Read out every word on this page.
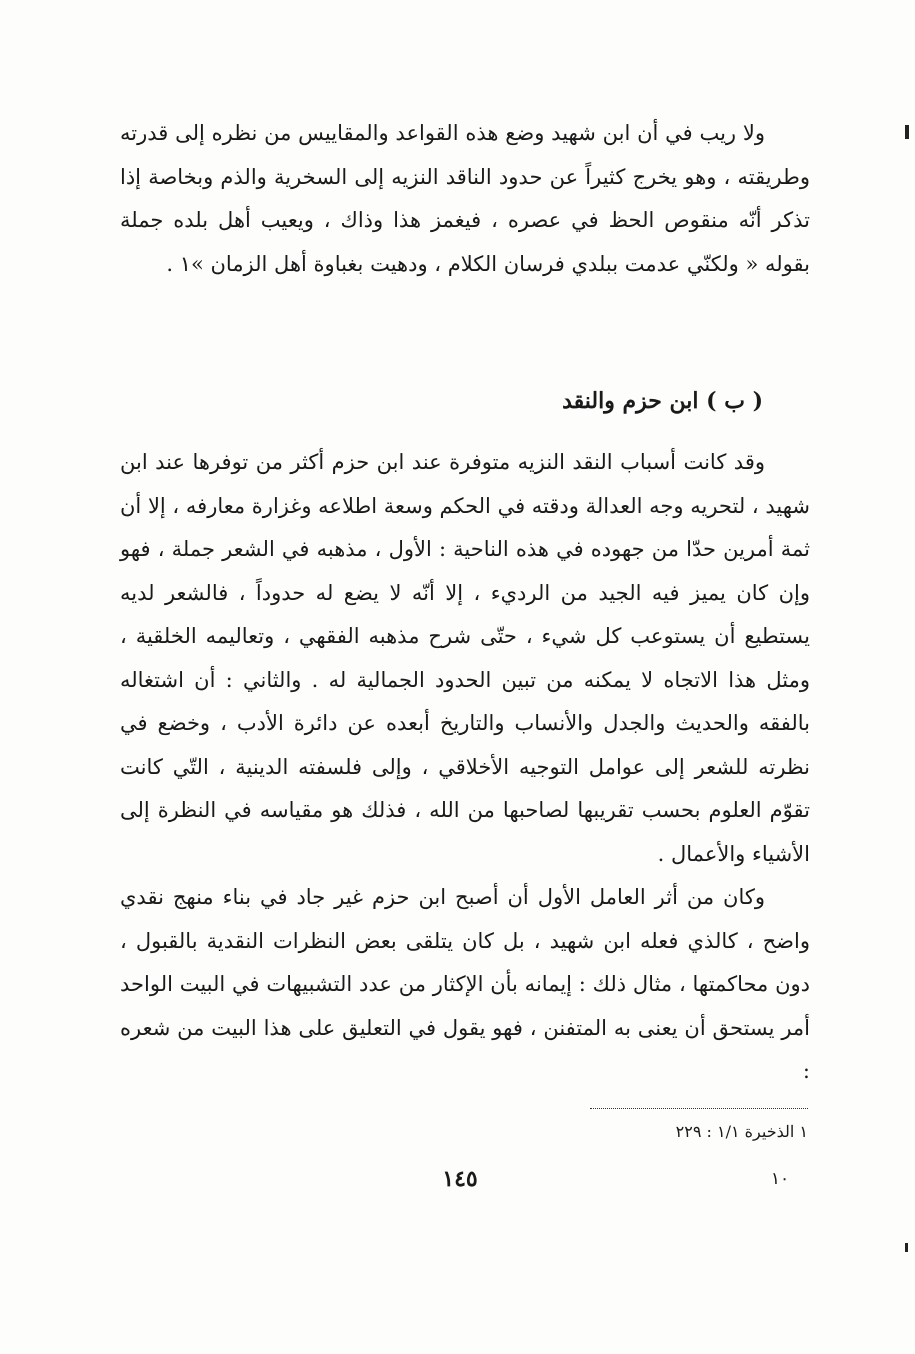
ولا ريب في أن ابن شهيد وضع هذه القواعد والمقاييس من نظره إلى قدرته وطريقته ، وهو يخرج كثيراً عن حدود الناقد النزيه إلى السخرية والذم وبخاصة إذا تذكر أنّه منقوص الحظ في عصره ، فيغمز هذا وذاك ، ويعيب أهل بلده جملة بقوله « ولكنّي عدمت ببلدي فرسان الكلام ، ودهيت بغباوة أهل الزمان »١ .

( ب ) ابن حزم والنقد

وقد كانت أسباب النقد النزيه متوفرة عند ابن حزم أكثر من توفرها عند ابن شهيد ، لتحريه وجه العدالة ودقته في الحكم وسعة اطلاعه وغزارة معارفه ، إلا أن ثمة أمرين حدّا من جهوده في هذه الناحية : الأول ، مذهبه في الشعر جملة ، فهو وإن كان يميز فيه الجيد من الرديء ، إلا أنّه لا يضع له حدوداً ، فالشعر لديه يستطيع أن يستوعب كل شيء ، حتّى شرح مذهبه الفقهي ، وتعاليمه الخلقية ، ومثل هذا الاتجاه لا يمكنه من تبين الحدود الجمالية له . والثاني : أن اشتغاله بالفقه والحديث والجدل والأنساب والتاريخ أبعده عن دائرة الأدب ، وخضع في نظرته للشعر إلى عوامل التوجيه الأخلاقي ، وإلى فلسفته الدينية ، التّي كانت تقوّم العلوم بحسب تقريبها لصاحبها من الله ، فذلك هو مقياسه في النظرة إلى الأشياء والأعمال .

وكان من أثر العامل الأول أن أصبح ابن حزم غير جاد في بناء منهج نقدي واضح ، كالذي فعله ابن شهيد ، بل كان يتلقى بعض النظرات النقدية بالقبول ، دون محاكمتها ، مثال ذلك : إيمانه بأن الإكثار من عدد التشبيهات في البيت الواحد أمر يستحق أن يعنى به المتفنن ، فهو يقول في التعليق على هذا البيت من شعره :

١ الذخيرة ١/١ : ٢٢٩
١٤٥	١٠
